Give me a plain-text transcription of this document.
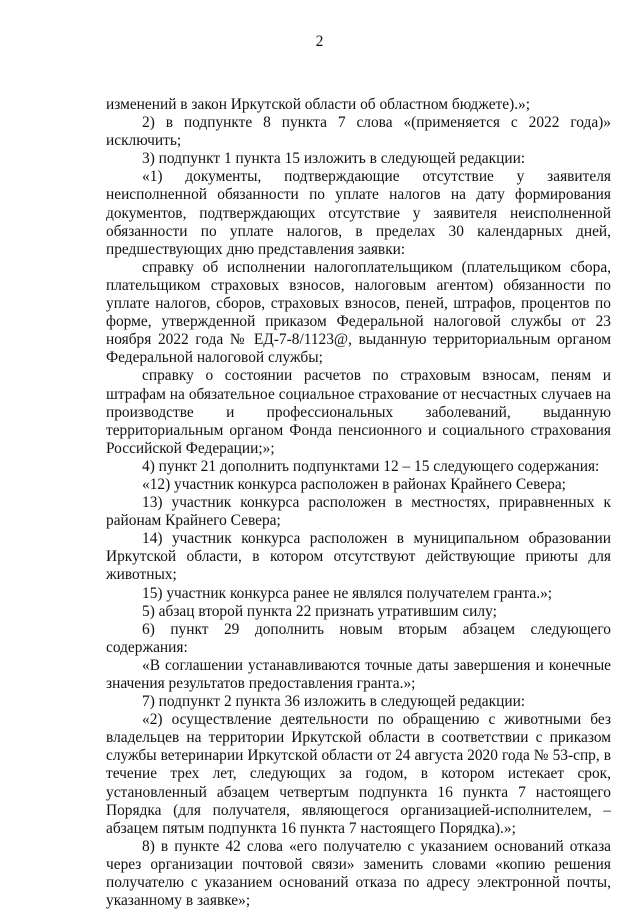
2

изменений в закон Иркутской области об областном бюджете).»;

2) в подпункте 8 пункта 7 слова «(применяется с 2022 года)» исключить;

3) подпункт 1 пункта 15 изложить в следующей редакции:

«1) документы, подтверждающие отсутствие у заявителя неисполненной обязанности по уплате налогов на дату формирования документов, подтверждающих отсутствие у заявителя неисполненной обязанности по уплате налогов, в пределах 30 календарных дней, предшествующих дню представления заявки:

справку об исполнении налогоплательщиком (плательщиком сбора, плательщиком страховых взносов, налоговым агентом) обязанности по уплате налогов, сборов, страховых взносов, пеней, штрафов, процентов по форме, утвержденной приказом Федеральной налоговой службы от 23 ноября 2022 года № ЕД-7-8/1123@, выданную территориальным органом Федеральной налоговой службы;

справку о состоянии расчетов по страховым взносам, пеням и штрафам на обязательное социальное страхование от несчастных случаев на производстве и профессиональных заболеваний, выданную территориальным органом Фонда пенсионного и социального страхования Российской Федерации;»;

4) пункт 21 дополнить подпунктами 12 – 15 следующего содержания:

«12) участник конкурса расположен в районах Крайнего Севера;

13) участник конкурса расположен в местностях, приравненных к районам Крайнего Севера;

14) участник конкурса расположен в муниципальном образовании Иркутской области, в котором отсутствуют действующие приюты для животных;

15) участник конкурса ранее не являлся получателем гранта.»;

5) абзац второй пункта 22 признать утратившим силу;

6) пункт 29 дополнить новым вторым абзацем следующего содержания:

«В соглашении устанавливаются точные даты завершения и конечные значения результатов предоставления гранта.»;

7) подпункт 2 пункта 36 изложить в следующей редакции:

«2) осуществление деятельности по обращению с животными без владельцев на территории Иркутской области в соответствии с приказом службы ветеринарии Иркутской области от 24 августа 2020 года № 53-спр, в течение трех лет, следующих за годом, в котором истекает срок, установленный абзацем четвертым подпункта 16 пункта 7 настоящего Порядка (для получателя, являющегося организацией-исполнителем, – абзацем пятым подпункта 16 пункта 7 настоящего Порядка).»;

8) в пункте 42 слова «его получателю с указанием оснований отказа через организации почтовой связи» заменить словами «копию решения получателю с указанием оснований отказа по адресу электронной почты, указанному в заявке»;
